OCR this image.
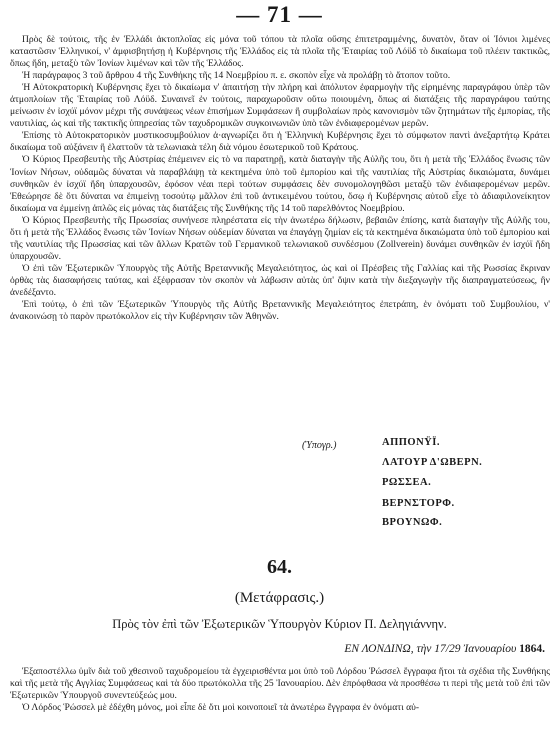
— 71 —

Πρὸς δὲ τούτοις, τῆς ἐν Ἑλλάδι ἀκτοπλοΐας εἰς μόνα τοῦ τόπου τὰ πλοῖα οὔσης ἐπιτετραμμένης, δυνατὸν, ὅταν οἱ Ἰόνιοι λιμένες καταστῶσιν Ἑλληνικοί, ν' ἀμφισβητήσῃ ἡ Κυβέρνησις τῆς Ἑλλάδος εἰς τὰ πλοῖα τῆς Ἑταιρίας τοῦ Λόϋδ τὸ δικαίωμα τοῦ πλέειν τακτικῶς, ὅπως ἤδη, μεταξὺ τῶν Ἰονίων λιμένων καὶ τῶν τῆς Ἑλλάδος.

Ἡ παράγραφος 3 τοῦ ἄρθρου 4 τῆς Συνθήκης τῆς 14 Νοεμβρίου π. ε. σκοπὸν εἶχε νὰ προλάβῃ τὸ ἄτοπον τοῦτο.

Ἡ Αὐτοκρατορικὴ Κυβέρνησις ἔχει τὸ δικαίωμα ν' ἀπαιτήσῃ τὴν πλήρη καὶ ἀπόλυτον ἐφαρμογὴν τῆς εἰρημένης παραγράφου ὑπὲρ τῶν ἀτμοπλοίων τῆς Ἑταιρίας τοῦ Λόϋδ. Συναινεῖ ἐν τούτοις, παραχωροῦσιν οὕτω ποιουμένη, ὅπως αἱ διατάξεις τῆς παραγράφου ταύτης μείνωσιν ἐν ἰσχύϊ μόνον μέχρι τῆς συνάψεως νέων ἐπισήμων Συμφάσεων ἢ συμβολαίων πρὸς κανονισμὸν τῶν ζητημάτων τῆς ἐμπορίας, τῆς ναυτιλίας, ὡς καὶ τῆς τακτικῆς ὑπηρεσίας τῶν ταχυδρομικῶν συγκοινωνιῶν ὑπὸ τῶν ἐνδιαφερομένων μερῶν.

Ἐπίσης τὸ Αὐτοκρατορικὸν μυστικοσυμβούλιον ἀ·αγνωρίζει ὅτι ἡ Ἑλληνικὴ Κυβέρνησις ἔχει τὸ σύμφωτον παντὶ ἀνεξαρτήτῳ Κράτει δικαίωμα τοῦ αὐξάνειν ἢ ἐλαττοῦν τὰ τελωνιακὰ τέλη διὰ νόμου ἐσωτερικοῦ τοῦ Κράτους.

Ὁ Κύριος Πρεσβευτὴς τῆς Αὐστρίας ἐπέμεινεν εἰς τὸ να παρατηρῇ, κατὰ διαταγὴν τῆς Αὐλῆς του, ὅτι ἡ μετὰ τῆς Ἑλλάδος ἕνωσις τῶν Ἰονίων Νήσων, οὐδαμῶς δύναται νὰ παραβλάψῃ τὰ κεκτημένα ὑπὸ τοῦ ἐμπορίου καὶ τῆς ναυτιλίας τῆς Αὐστρίας δικαιώματα, δυνάμει συνθηκῶν ἐν ἰσχύϊ ἤδη ὑπαρχουσῶν, ἐφόσον νέαι περὶ τούτων συμφάσεις δὲν συνομολογηθῶσι μεταξὺ τῶν ἐνδιαφερομένων μερῶν. Ἐθεώρησε δὲ ὅτι δύναται να ἐπιμείνῃ τοσούτῳ μᾶλλον ἐπὶ τοῦ ἀντικειμένου τούτου, ὅσῳ ἡ Κυβέρνησις αὐτοῦ εἶχε τὸ ἀδιαφιλονείκητον δικαίωμα να ἐμμείνῃ ἁπλῶς εἰς μόνας τὰς διατάξεις τῆς Συνθήκης τῆς 14 τοῦ παρελθόντος Νοεμβρίου.

Ὁ Κύριος Πρεσβευτὴς τῆς Πρωσσίας συνήνεσε πληρέστατα εἰς τὴν ἀνωτέρω δήλωσιν, βεβαιῶν ἐπίσης, κατὰ διαταγὴν τῆς Αὐλῆς του, ὅτι ἡ μετὰ τῆς Ἑλλάδος ἕνωσις τῶν Ἰονίων Νήσων οὐδεμίαν δύναται να ἐπαγάγῃ ζημίαν εἰς τὰ κεκτημένα δικαιώματα ὑπὸ τοῦ ἐμπορίου καὶ τῆς ναυτιλίας τῆς Πρωσσίας καὶ τῶν ἄλλων Κρατῶν τοῦ Γερμανικοῦ τελωνιακοῦ συνδέσμου (Zollverein) δυνάμει συνθηκῶν ἐν ἰσχύϊ ἤδη ὑπαρχουσῶν.

Ὁ ἐπὶ τῶν Ἐξωτερικῶν Ὑπουργὸς τῆς Αὐτῆς Βρεταννικῆς Μεγαλειότητος, ὡς καὶ οἱ Πρέσβεις τῆς Γαλλίας καὶ τῆς Ρωσσίας ἔκριναν ὀρθὰς τὰς διασαφήσεις ταύτας, καὶ ἐξέφρασαν τὸν σκοπὸν νὰ λάβωσιν αὐτὰς ὑπ' ὄψιν κατὰ τὴν διεξαγωγὴν τῆς διαπραγματεύσεως, ἣν ἀνεδέξαντο.

Ἐπὶ τούτῳ, ὁ ἐπὶ τῶν Ἐξωτερικῶν Ὑπουργὸς τῆς Αὐτῆς Βρεταννικῆς Μεγαλειότητος ἐπετράπη, ἐν ὀνόματι τοῦ Συμβουλίου, ν' ἀνακοινώσῃ τὸ παρὸν πρωτόκολλον εἰς τὴν Κυβέρνησιν τῶν Ἀθηνῶν.

(Ὑπογρ.)	ΑΠΠΟΝΫΪ.
ΛΑΤΟΥΡ Δ'ΩΒΕΡΝ.
ΡΩΣΣΕΑ.
ΒΕΡΝΣΤΟΡΦ.
ΒΡΟΥΝΩΦ.
64.
(Μετάφρασις.)
Πρὸς τὸν ἐπὶ τῶν Ἐξωτερικῶν Ὑπουργὸν Κύριον Π. Δεληγιάννην.
ΕΝ ΛΟΝΔΙΝΩ, τὴν 17/29 Ἰανουαρίου 1864.

Ἐξαποστέλλω ὑμῖν διὰ τοῦ χθεσινοῦ ταχυδρομείου τὰ ἐγχειρισθέντα μοι ὑπὸ τοῦ Λόρδου Ῥώσσελ ἔγγραφα ἤτοι τὰ σχέδια τῆς Συνθήκης καὶ τῆς μετὰ τῆς Αγγλίας Συμφάσεως καὶ τὰ δύο πρωτόκολλα τῆς 25 Ἰανουαρίου. Δὲν ἐπρόφθασα νὰ προσθέσω τι περὶ τῆς μετὰ τοῦ ἐπὶ τῶν Ἐξωτερικῶν Ὑπουργοῦ συνεντεύξεώς μου.

Ὁ Λόρδος Ῥώσσελ μὲ ἐδέχθη μόνος, μοὶ εἶπε δὲ ὅτι μοὶ κοινοποιεῖ τὰ ἀνωτέρω ἔγγραφα ἐν ὀνόματι αὐ-
